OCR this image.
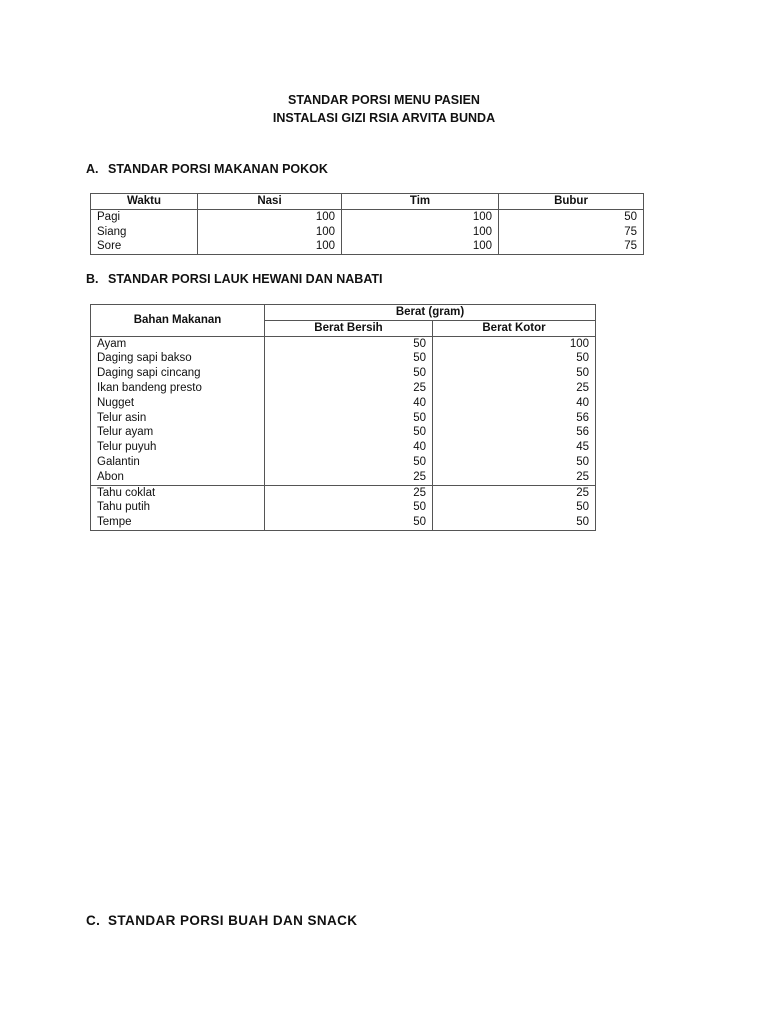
STANDAR PORSI MENU PASIEN
INSTALASI GIZI RSIA ARVITA BUNDA
A. STANDAR PORSI MAKANAN POKOK
Waktu	Nasi	Tim	Bubur
Pagi	100	100	50
Siang	100	100	75
Sore	100	100	75
B. STANDAR PORSI LAUK HEWANI DAN NABATI
Bahan Makanan	Berat (gram)	
	Berat Bersih	Berat Kotor
Ayam	50	100
Daging sapi bakso	50	50
Daging sapi cincang	50	50
Ikan bandeng presto	25	25
Nugget	40	40
Telur asin	50	56
Telur ayam	50	56
Telur puyuh	40	45
Galantin	50	50
Abon	25	25
Tahu coklat	25	25
Tahu putih	50	50
Tempe	50	50
C. STANDAR PORSI BUAH DAN SNACK
